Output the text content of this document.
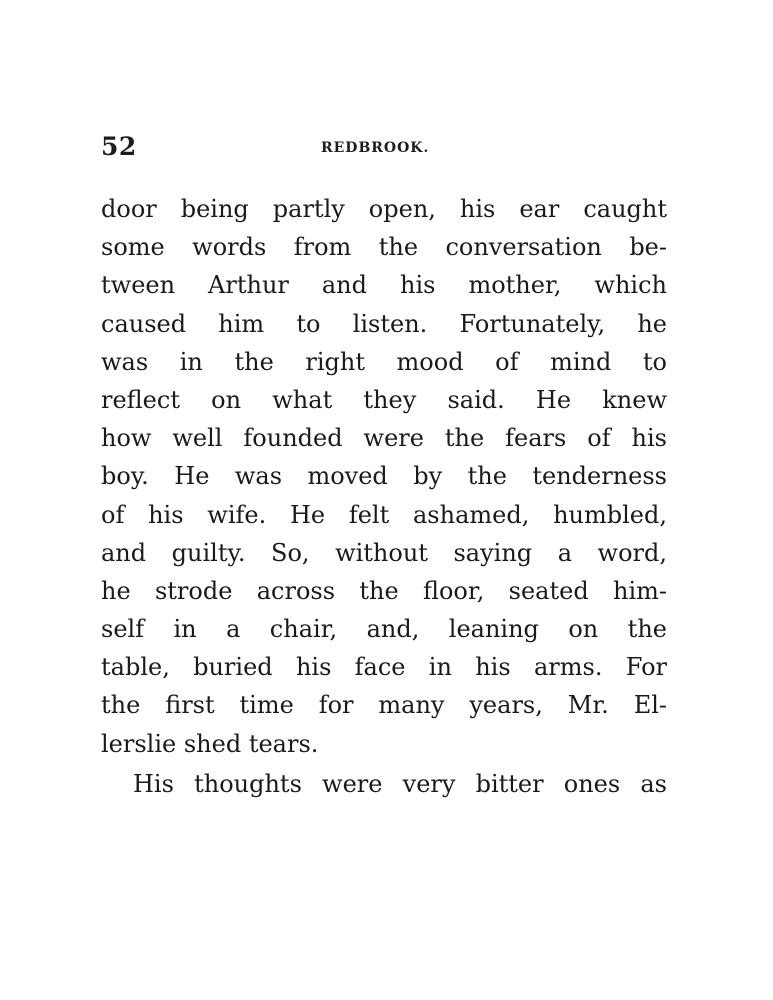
52	REDBROOK.
door being partly open, his ear caught
some words from the conversation be-
tween Arthur and his mother, which
caused him to listen. Fortunately, he
was in the right mood of mind to
reflect on what they said. He knew
how well founded were the fears of his
boy. He was moved by the tenderness
of his wife. He felt ashamed, humbled,
and guilty. So, without saying a word,
he strode across the floor, seated him-
self in a chair, and, leaning on the
table, buried his face in his arms. For
the first time for many years, Mr. El-
lerslie shed tears.
His thoughts were very bitter ones as
